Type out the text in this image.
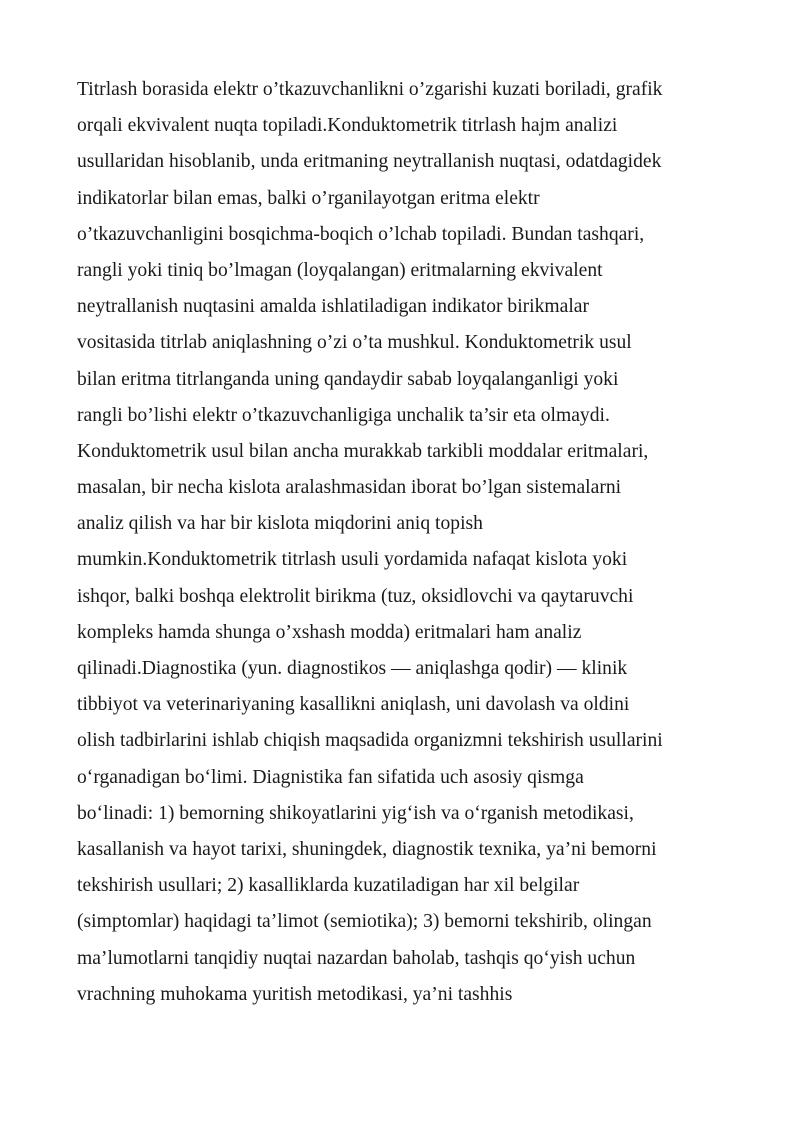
Titrlash borasida elektr o’tkazuvchanlikni o’zgarishi kuzati boriladi, grafik
orqali ekvivalent nuqta topiladi.Konduktometrik titrlash hajm analizi
usullaridan hisoblanib, unda eritmaning neytrallanish nuqtasi, odatdagidek
indikatorlar bilan emas, balki o’rganilayotgan eritma elektr
o’tkazuvchanligini bosqichma-boqich o’lchab topiladi. Bundan tashqari,
rangli yoki tiniq bo’lmagan (loyqalangan) eritmalarning ekvivalent
neytrallanish nuqtasini amalda ishlatiladigan indikator birikmalar
vositasida titrlab aniqlashning o’zi o’ta mushkul. Konduktometrik usul
bilan eritma titrlanganda uning qandaydir sabab loyqalanganligi yoki
rangli bo’lishi elektr o’tkazuvchanligiga unchalik ta’sir eta olmaydi.
Konduktometrik usul bilan ancha murakkab tarkibli moddalar eritmalari,
masalan, bir necha kislota aralashmasidan iborat bo’lgan sistemalarni
analiz qilish va har bir kislota miqdorini aniq topish
mumkin.Konduktometrik titrlash usuli yordamida nafaqat kislota yoki
ishqor, balki boshqa elektrolit birikma (tuz, oksidlovchi va qaytaruvchi
kompleks hamda shunga o’xshash modda) eritmalari ham analiz
qilinadi.Diagnostika (yun. diagnostikos — aniqlashga qodir) — klinik
tibbiyot va veterinariyaning kasallikni aniqlash, uni davolash va oldini
olish tadbirlarini ishlab chiqish maqsadida organizmni tekshirish usullarini
oʻrganadigan boʻlimi. Diagnistika fan sifatida uch asosiy qismga
boʻlinadi: 1) bemorning shikoyatlarini yigʻish va oʻrganish metodikasi,
kasallanish va hayot tarixi, shuningdek, diagnostik texnika, ya’ni bemorni
tekshirish usullari; 2) kasalliklarda kuzatiladigan har xil belgilar
(simptomlar) haqidagi ta’limot (semiotika); 3) bemorni tekshirib, olingan
ma’lumotlarni tanqidiy nuqtai nazardan baholab, tashqis qoʻyish uchun
vrachning muhokama yuritish metodikasi, ya’ni tashhis
